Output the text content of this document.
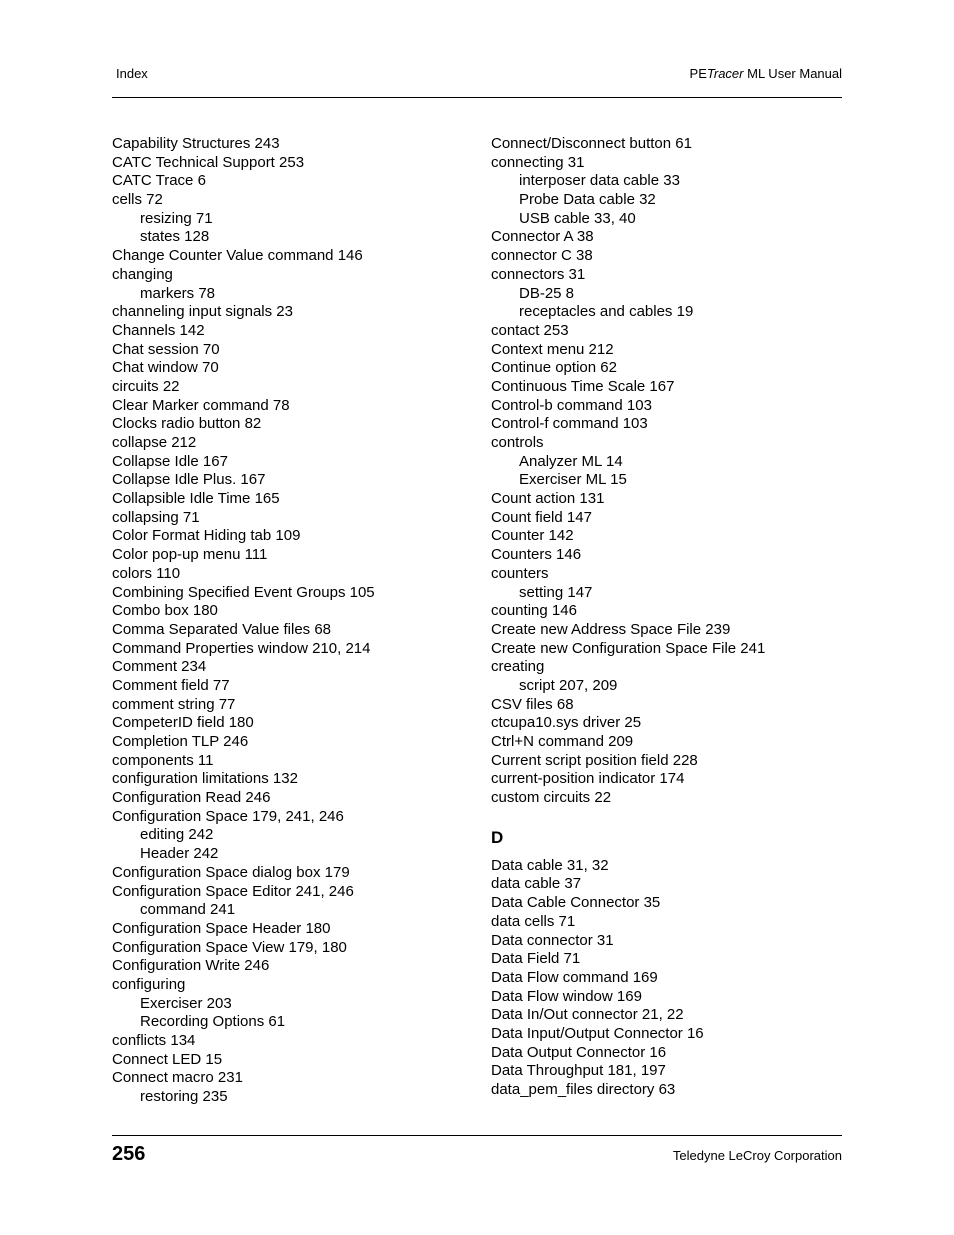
Index	PETracer ML User Manual
Capability Structures 243
CATC Technical Support 253
CATC Trace 6
cells 72
resizing 71
states 128
Change Counter Value command 146
changing
markers 78
channeling input signals 23
Channels 142
Chat session 70
Chat window 70
circuits 22
Clear Marker command 78
Clocks radio button 82
collapse 212
Collapse Idle 167
Collapse Idle Plus. 167
Collapsible Idle Time 165
collapsing 71
Color Format Hiding tab 109
Color pop-up menu 111
colors 110
Combining Specified Event Groups 105
Combo box 180
Comma Separated Value files 68
Command Properties window 210, 214
Comment 234
Comment field 77
comment string 77
CompeterID field 180
Completion TLP 246
components 11
configuration limitations 132
Configuration Read 246
Configuration Space 179, 241, 246
editing 242
Header 242
Configuration Space dialog box 179
Configuration Space Editor 241, 246
command 241
Configuration Space Header 180
Configuration Space View 179, 180
Configuration Write 246
configuring
Exerciser 203
Recording Options 61
conflicts 134
Connect LED 15
Connect macro 231
restoring 235
Connect/Disconnect button 61
connecting 31
interposer data cable 33
Probe Data cable 32
USB cable 33, 40
Connector A 38
connector C 38
connectors 31
DB-25 8
receptacles and cables 19
contact 253
Context menu 212
Continue option 62
Continuous Time Scale 167
Control-b command 103
Control-f command 103
controls
Analyzer ML 14
Exerciser ML 15
Count action 131
Count field 147
Counter 142
Counters 146
counters
setting 147
counting 146
Create new Address Space File 239
Create new Configuration Space File 241
creating
script 207, 209
CSV files 68
ctcupa10.sys driver 25
Ctrl+N command 209
Current script position field 228
current-position indicator 174
custom circuits 22
D
Data cable 31, 32
data cable 37
Data Cable Connector 35
data cells 71
Data connector 31
Data Field 71
Data Flow command 169
Data Flow window 169
Data In/Out connector 21, 22
Data Input/Output Connector 16
Data Output Connector 16
Data Throughput 181, 197
data_pem_files directory 63
256	Teledyne LeCroy Corporation
